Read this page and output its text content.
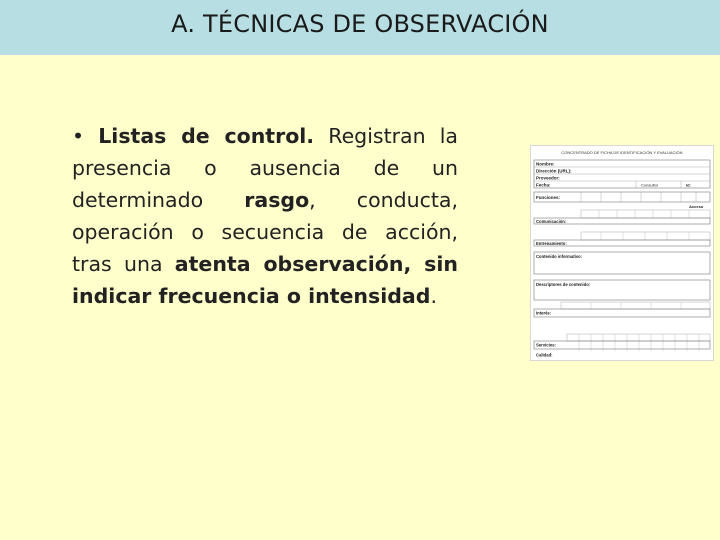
A. TÉCNICAS DE OBSERVACIÓN
• Listas de control. Registran la presencia o ausencia de un determinado rasgo, conducta, operación o secuencia de acción, tras una atenta observación, sin indicar frecuencia o intensidad.
CONCENTRADO DE FICHA DE IDENTIFICACIÓN Y EVALUACIÓN
Nombre:
Dirección (URL):
Proveedor:
Fecha:	Consultor	Id:
Funciones:
Acceso
Comunicación:
Entrenamiento:
Contenido informativo:
Descriptores de contenido:
Interés:
Servicios:
Calidad:
